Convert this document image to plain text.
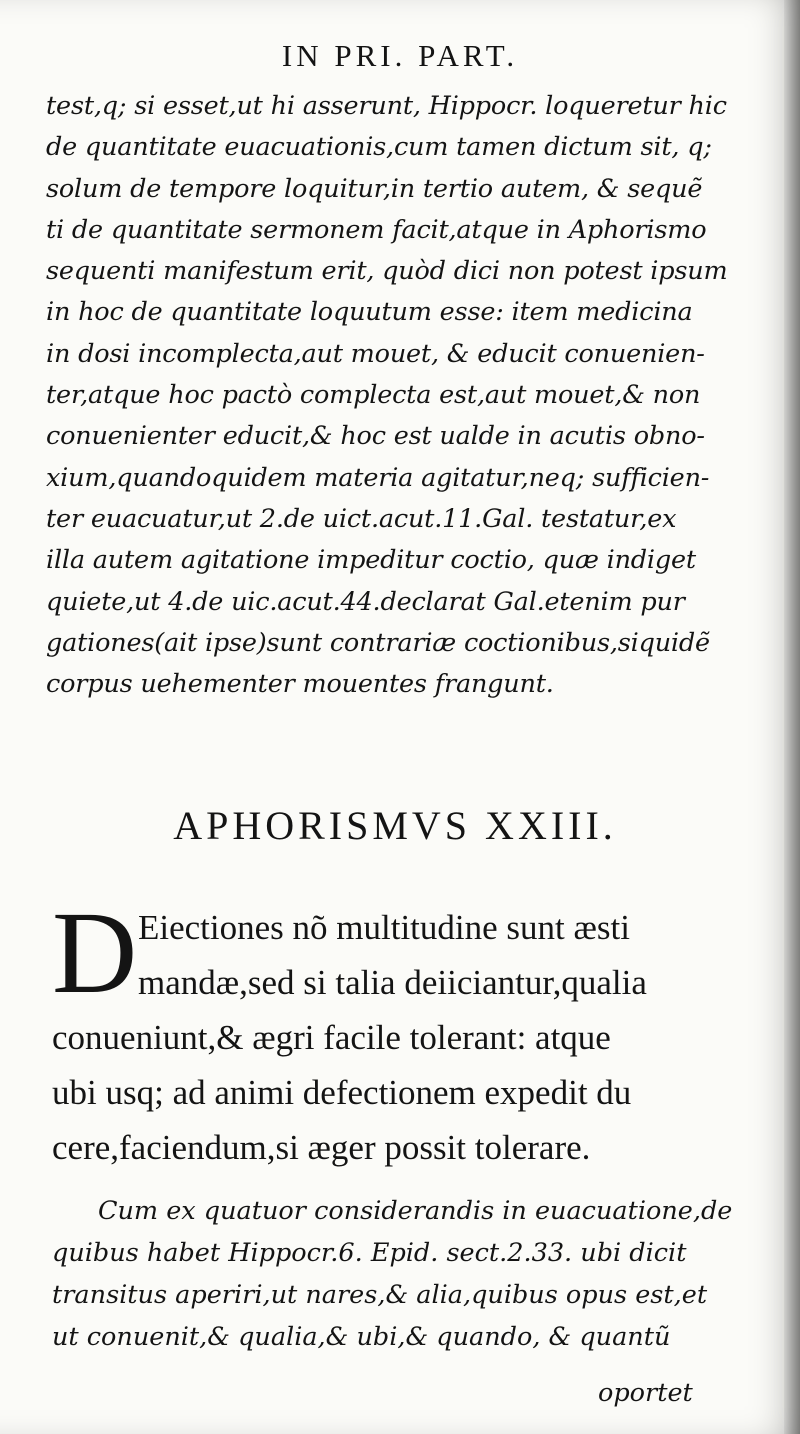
IN PRI. PART.
test,q; si esset,ut hi asserunt, Hippocr. loqueretur hic
de quantitate euacuationis,cum tamen dictum sit, q;
solum de tempore loquitur,in tertio autem, & sequẽ
ti de quantitate sermonem facit,atque in Aphorismo
sequenti manifestum erit, quòd dici non potest ipsum
in hoc de quantitate loquutum esse: item medicina
in dosi incomplecta,aut mouet, & educit conuenien-
ter,atque hoc pactò complecta est,aut mouet,& non
conuenienter educit,& hoc est ualde in acutis obno-
xium,quandoquidem materia agitatur,neq; sufficien-
ter euacuatur,ut 2.de uict.acut.11.Gal. testatur,ex
illa autem agitatione impeditur coctio, quæ indiget
quiete,ut 4.de uic.acut.44.declarat Gal.etenim pur
gationes(ait ipse)sunt contrariæ coctionibus,siquidẽ
corpus uehementer mouentes frangunt.
APHORISMVS XXIII.
D Eiectiones nõ multitudine sunt æsti
mandæ,sed si talia deiiciantur,qualia
conueniunt,& ægri facile tolerant: atque
ubi usq; ad animi defectionem expedit du
cere,faciendum,si æger possit tolerare.
Cum ex quatuor considerandis in euacuatione,de
quibus habet Hippocr.6. Epid. sect.2.33. ubi dicit
transitus aperiri,ut nares,& alia,quibus opus est,et
ut conuenit,& qualia,& ubi,& quando, & quantũ
oportet
